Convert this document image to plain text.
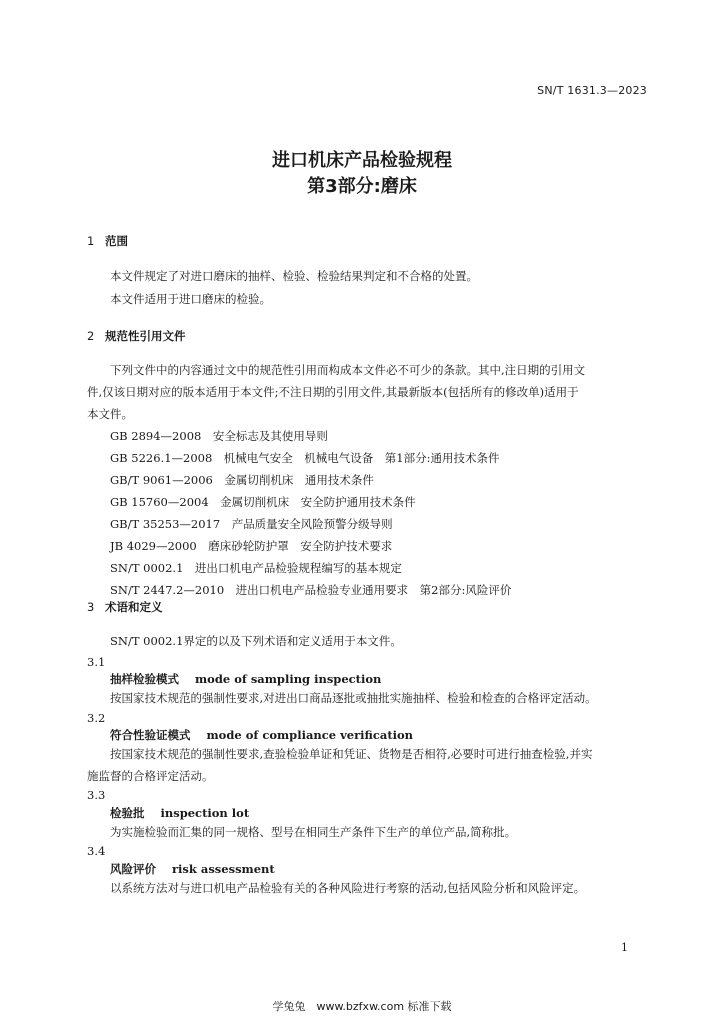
SN/T 1631.3—2023
进口机床产品检验规程
第3部分:磨床
1 范围
本文件规定了对进口磨床的抽样、检验、检验结果判定和不合格的处置。
本文件适用于进口磨床的检验。
2 规范性引用文件
下列文件中的内容通过文中的规范性引用而构成本文件必不可少的条款。其中,注日期的引用文
件,仅该日期对应的版本适用于本文件;不注日期的引用文件,其最新版本(包括所有的修改单)适用于
本文件。
GB 2894—2008　安全标志及其使用导则
GB 5226.1—2008　机械电气安全　机械电气设备　第1部分:通用技术条件
GB/T 9061—2006　金属切削机床　通用技术条件
GB 15760—2004　金属切削机床　安全防护通用技术条件
GB/T 35253—2017　产品质量安全风险预警分级导则
JB 4029—2000　磨床砂轮防护罩　安全防护技术要求
SN/T 0002.1　进出口机电产品检验规程编写的基本规定
SN/T 2447.2—2010　进出口机电产品检验专业通用要求　第2部分:风险评价
3 术语和定义
SN/T 0002.1界定的以及下列术语和定义适用于本文件。
3.1
抽样检验模式 mode of sampling inspection
按国家技术规范的强制性要求,对进出口商品逐批或抽批实施抽样、检验和检查的合格评定活动。
3.2
符合性验证模式 mode of compliance verification
按国家技术规范的强制性要求,查验检验单证和凭证、货物是否相符,必要时可进行抽查检验,并实
施监督的合格评定活动。
3.3
检验批 inspection lot
为实施检验而汇集的同一规格、型号在相同生产条件下生产的单位产品,简称批。
3.4
风险评价 risk assessment
以系统方法对与进口机电产品检验有关的各种风险进行考察的活动,包括风险分析和风险评定。
1
学兔兔　www.bzfxw.com 标准下载
